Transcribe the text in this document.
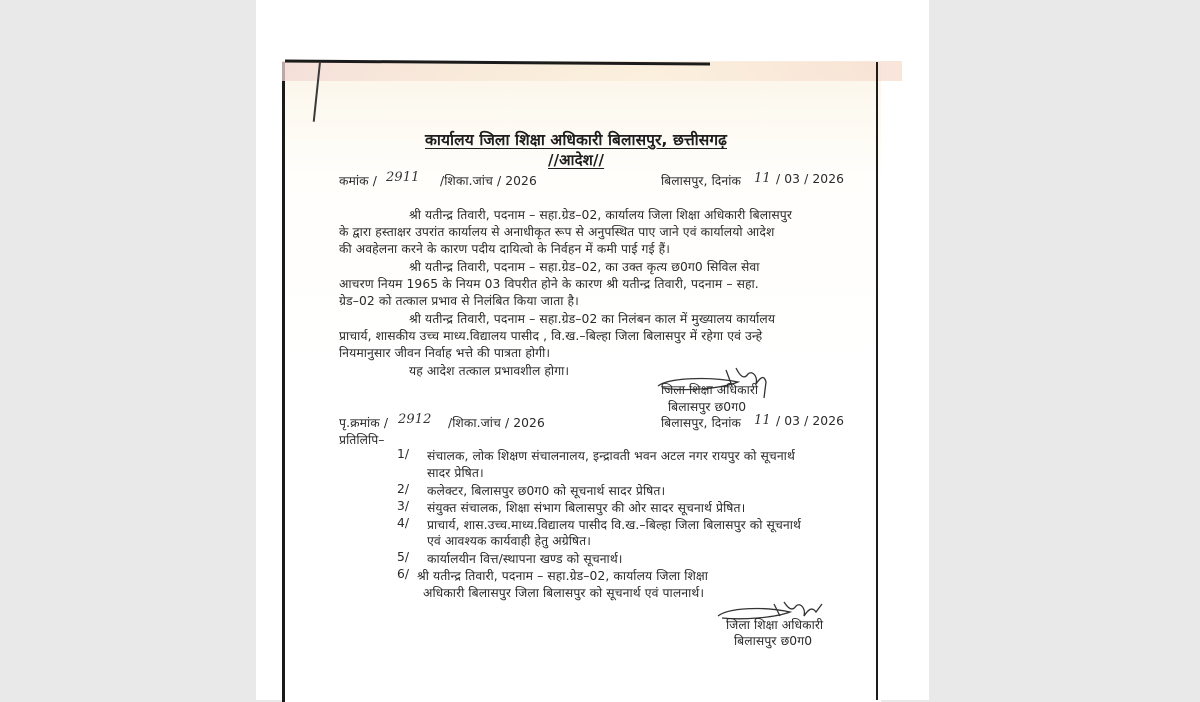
कार्यालय जिला शिक्षा अधिकारी बिलासपुर, छत्तीसगढ़
//आदेश//
कमांक / 2911 /शिका.जांच / 2026	बिलासपुर, दिनांक 11 / 03 / 2026
श्री यतीन्द्र तिवारी, पदनाम – सहा.ग्रेड–02, कार्यालय जिला शिक्षा अधिकारी बिलासपुर
के द्वारा हस्ताक्षर उपरांत कार्यालय से अनाधीकृत रूप से अनुपस्थित पाए जाने एवं कार्यालयो आदेश
की अवहेलना करने के कारण पदीय दायित्वो के निर्वहन में कमी पाई गई हैं।
श्री यतीन्द्र तिवारी, पदनाम – सहा.ग्रेड–02, का उक्त कृत्य छ0ग0 सिविल सेवा
आचरण नियम 1965 के नियम 03 विपरीत होने के कारण श्री यतीन्द्र तिवारी, पदनाम – सहा.
ग्रेड–02 को तत्काल प्रभाव से निलंबित किया जाता है।
श्री यतीन्द्र तिवारी, पदनाम – सहा.ग्रेड–02 का निलंबन काल में मुख्यालय कार्यालय
प्राचार्य, शासकीय उच्च माध्य.विद्यालय पासीद , वि.ख.–बिल्हा जिला बिलासपुर में रहेगा एवं उन्हे
नियमानुसार जीवन निर्वाह भत्ते की पात्रता होगी।
यह आदेश तत्काल प्रभावशील होगा।
जिला शिक्षा अधिकारी
बिलासपुर छ0ग0
पृ.क्रमांक / 2912 /शिका.जांच / 2026	बिलासपुर, दिनांक 11 / 03 / 2026
प्रतिलिपि–
1/ संचालक, लोक शिक्षण संचालनालय, इन्द्रावती भवन अटल नगर रायपुर को सूचनार्थ
सादर प्रेषित।
2/ कलेक्टर, बिलासपुर छ0ग0 को सूचनार्थ सादर प्रेषित।
3/ संयुक्त संचालक, शिक्षा संभाग बिलासपुर की ओर सादर सूचनार्थ प्रेषित।
4/ प्राचार्य, शास.उच्च.माध्य.विद्यालय पासीद वि.ख.–बिल्हा जिला बिलासपुर को सूचनार्थ
एवं आवश्यक कार्यवाही हेतु अग्रेषित।
5/ कार्यालयीन वित्त/स्थापना खण्ड को सूचनार्थ।
6/ श्री यतीन्द्र तिवारी, पदनाम – सहा.ग्रेड–02, कार्यालय जिला शिक्षा
अधिकारी बिलासपुर जिला बिलासपुर को सूचनार्थ एवं पालनार्थ।
जिला शिक्षा अधिकारी
बिलासपुर छ0ग0
